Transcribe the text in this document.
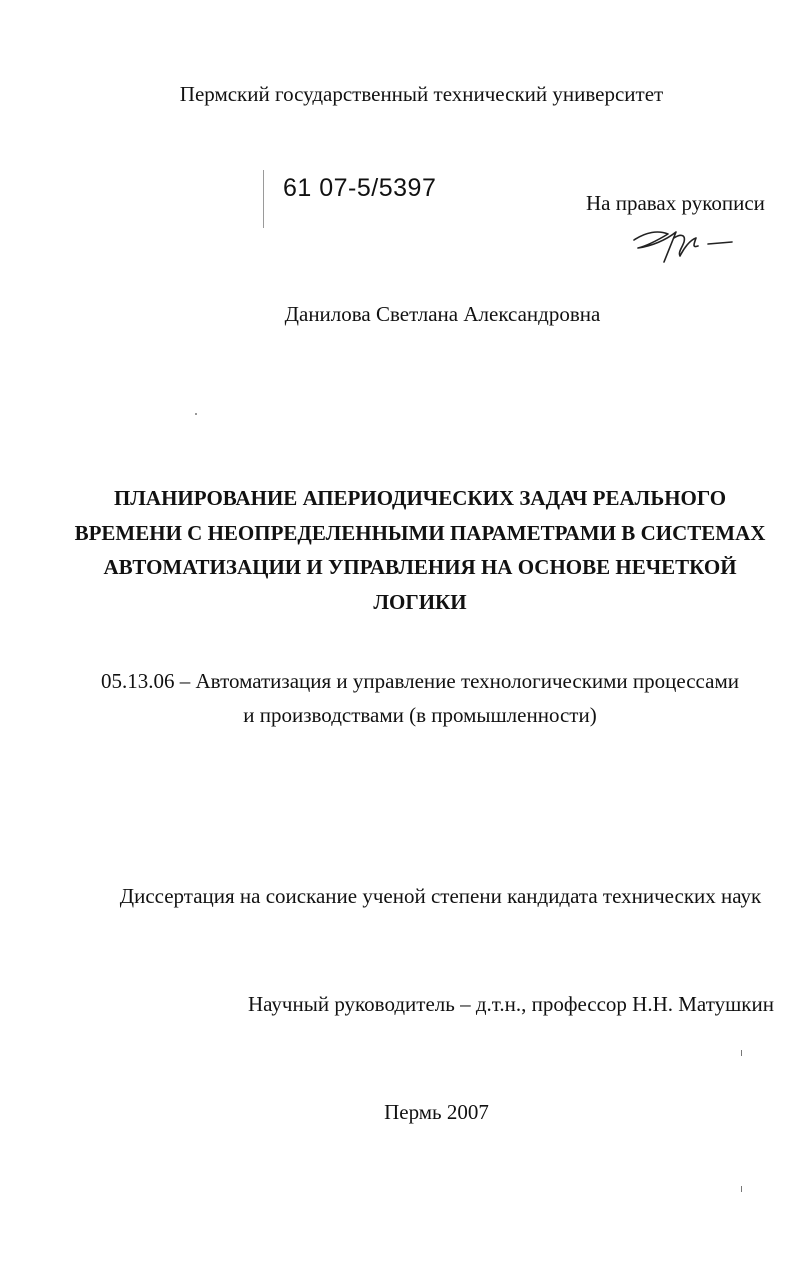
Пермский государственный технический университет
61 07-5/5397
На правах рукописи
Данилова Светлана Александровна
ПЛАНИРОВАНИЕ АПЕРИОДИЧЕСКИХ ЗАДАЧ РЕАЛЬНОГО
ВРЕМЕНИ С НЕОПРЕДЕЛЕННЫМИ ПАРАМЕТРАМИ В СИСТЕМАХ
АВТОМАТИЗАЦИИ И УПРАВЛЕНИЯ НА ОСНОВЕ НЕЧЕТКОЙ
ЛОГИКИ
05.13.06 – Автоматизация и управление технологическими процессами
и производствами (в промышленности)
Диссертация на соискание ученой степени кандидата технических наук
Научный руководитель – д.т.н., профессор Н.Н. Матушкин
Пермь 2007
